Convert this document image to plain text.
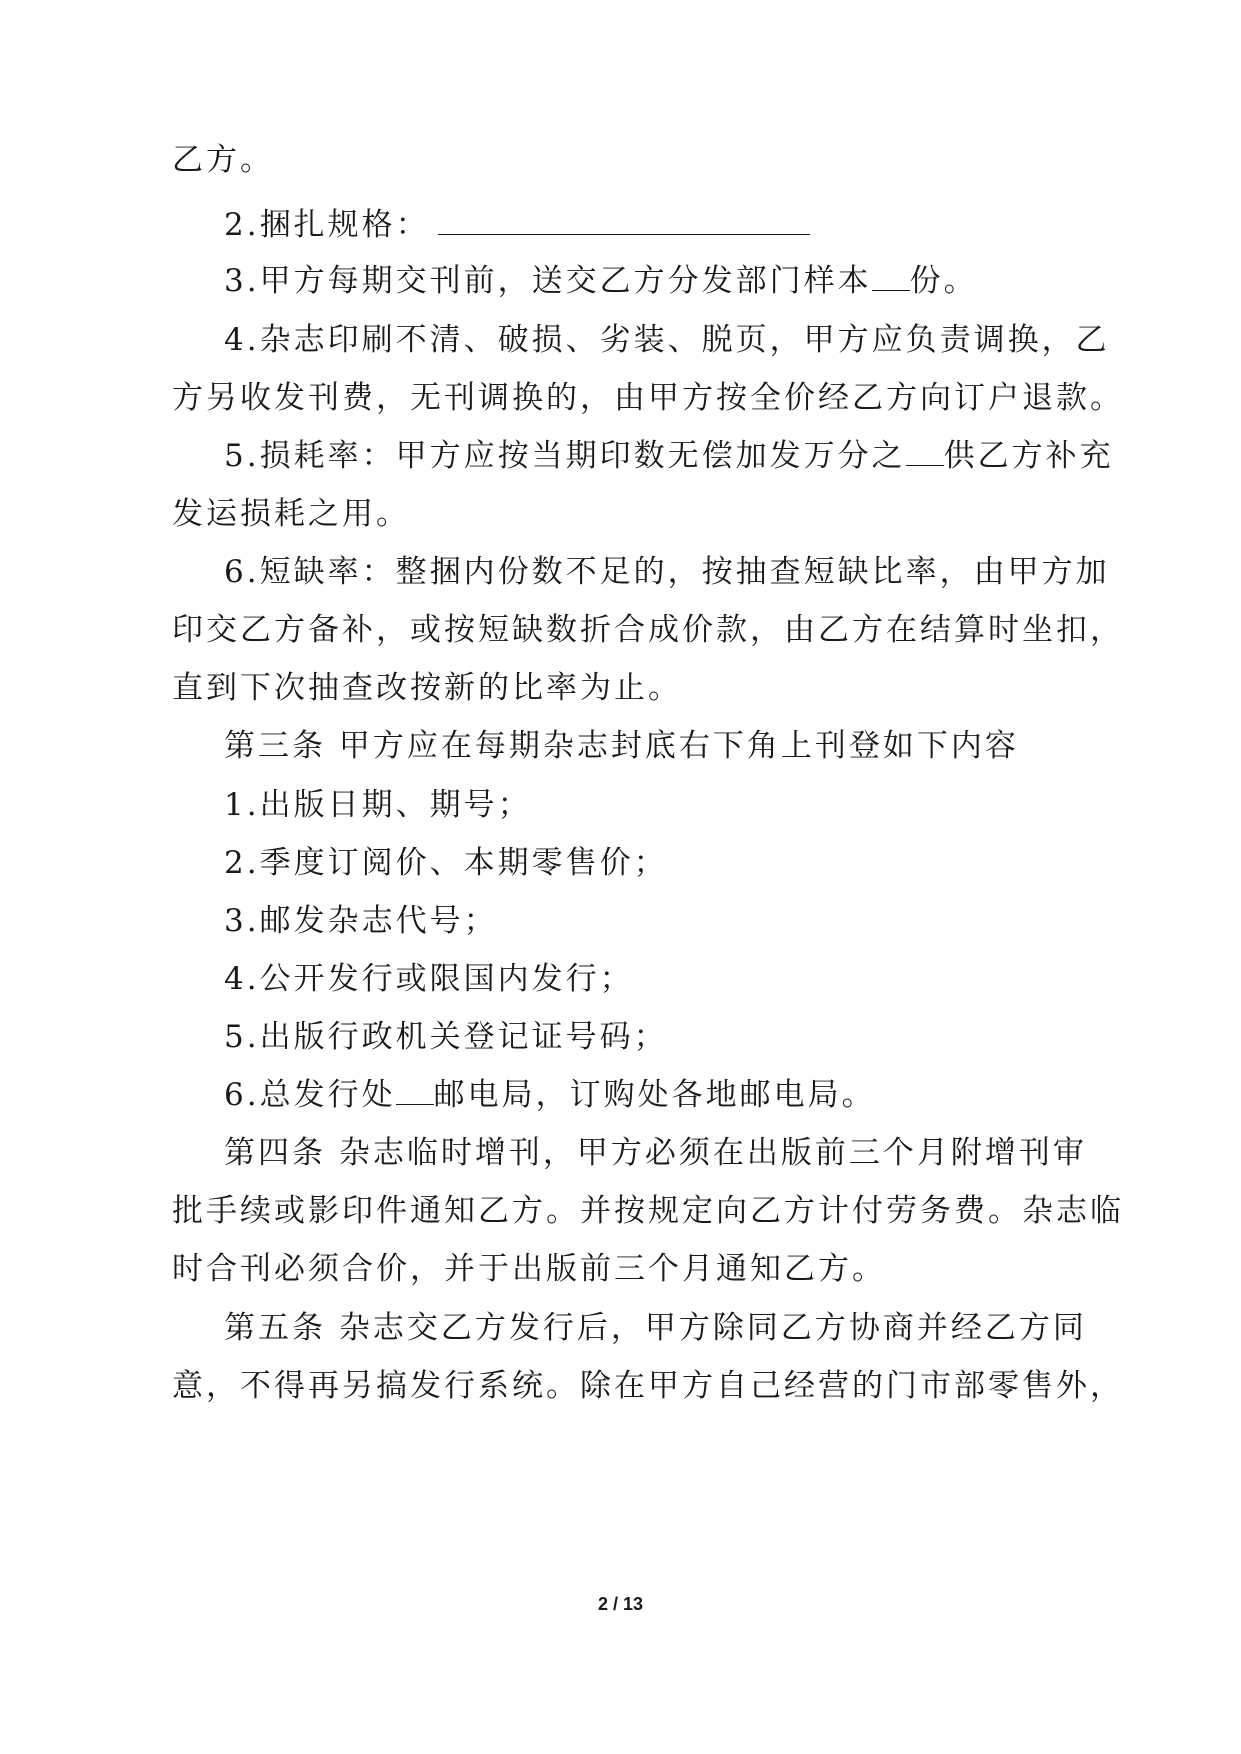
乙方。
2.捆扎规格：
3.甲方每期交刊前，送交乙方分发部门样本 份。
4.杂志印刷不清、破损、劣装、脱页，甲方应负责调换，乙
方另收发刊费，无刊调换的，由甲方按全价经乙方向订户退款。
5.损耗率：甲方应按当期印数无偿加发万分之 供乙方补充
发运损耗之用。
6.短缺率：整捆内份数不足的，按抽查短缺比率，由甲方加
印交乙方备补，或按短缺数折合成价款，由乙方在结算时坐扣，
直到下次抽查改按新的比率为止。
第三条 甲方应在每期杂志封底右下角上刊登如下内容
1.出版日期、期号；
2.季度订阅价、本期零售价；
3.邮发杂志代号；
4.公开发行或限国内发行；
5.出版行政机关登记证号码；
6.总发行处 邮电局，订购处各地邮电局。
第四条 杂志临时增刊，甲方必须在出版前三个月附增刊审
批手续或影印件通知乙方。并按规定向乙方计付劳务费。杂志临
时合刊必须合价，并于出版前三个月通知乙方。
第五条 杂志交乙方发行后，甲方除同乙方协商并经乙方同
意，不得再另搞发行系统。除在甲方自己经营的门市部零售外，
2 / 13
